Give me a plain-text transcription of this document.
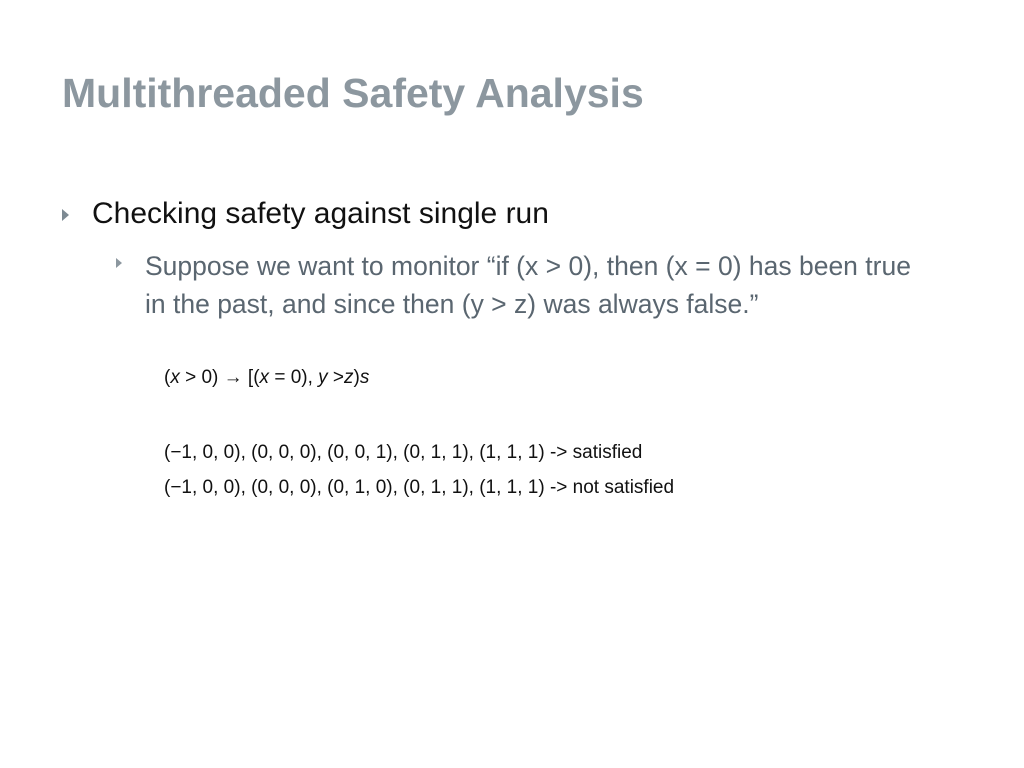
Multithreaded Safety Analysis
Checking safety against single run
Suppose we want to monitor “if (x > 0), then (x = 0) has been true in the past, and since then (y > z) was always false.”
(x > 0) → [(x = 0), y >z)s
(−1, 0, 0), (0, 0, 0), (0, 0, 1), (0, 1, 1), (1, 1, 1) -> satisfied
(−1, 0, 0), (0, 0, 0), (0, 1, 0), (0, 1, 1), (1, 1, 1) -> not satisfied
